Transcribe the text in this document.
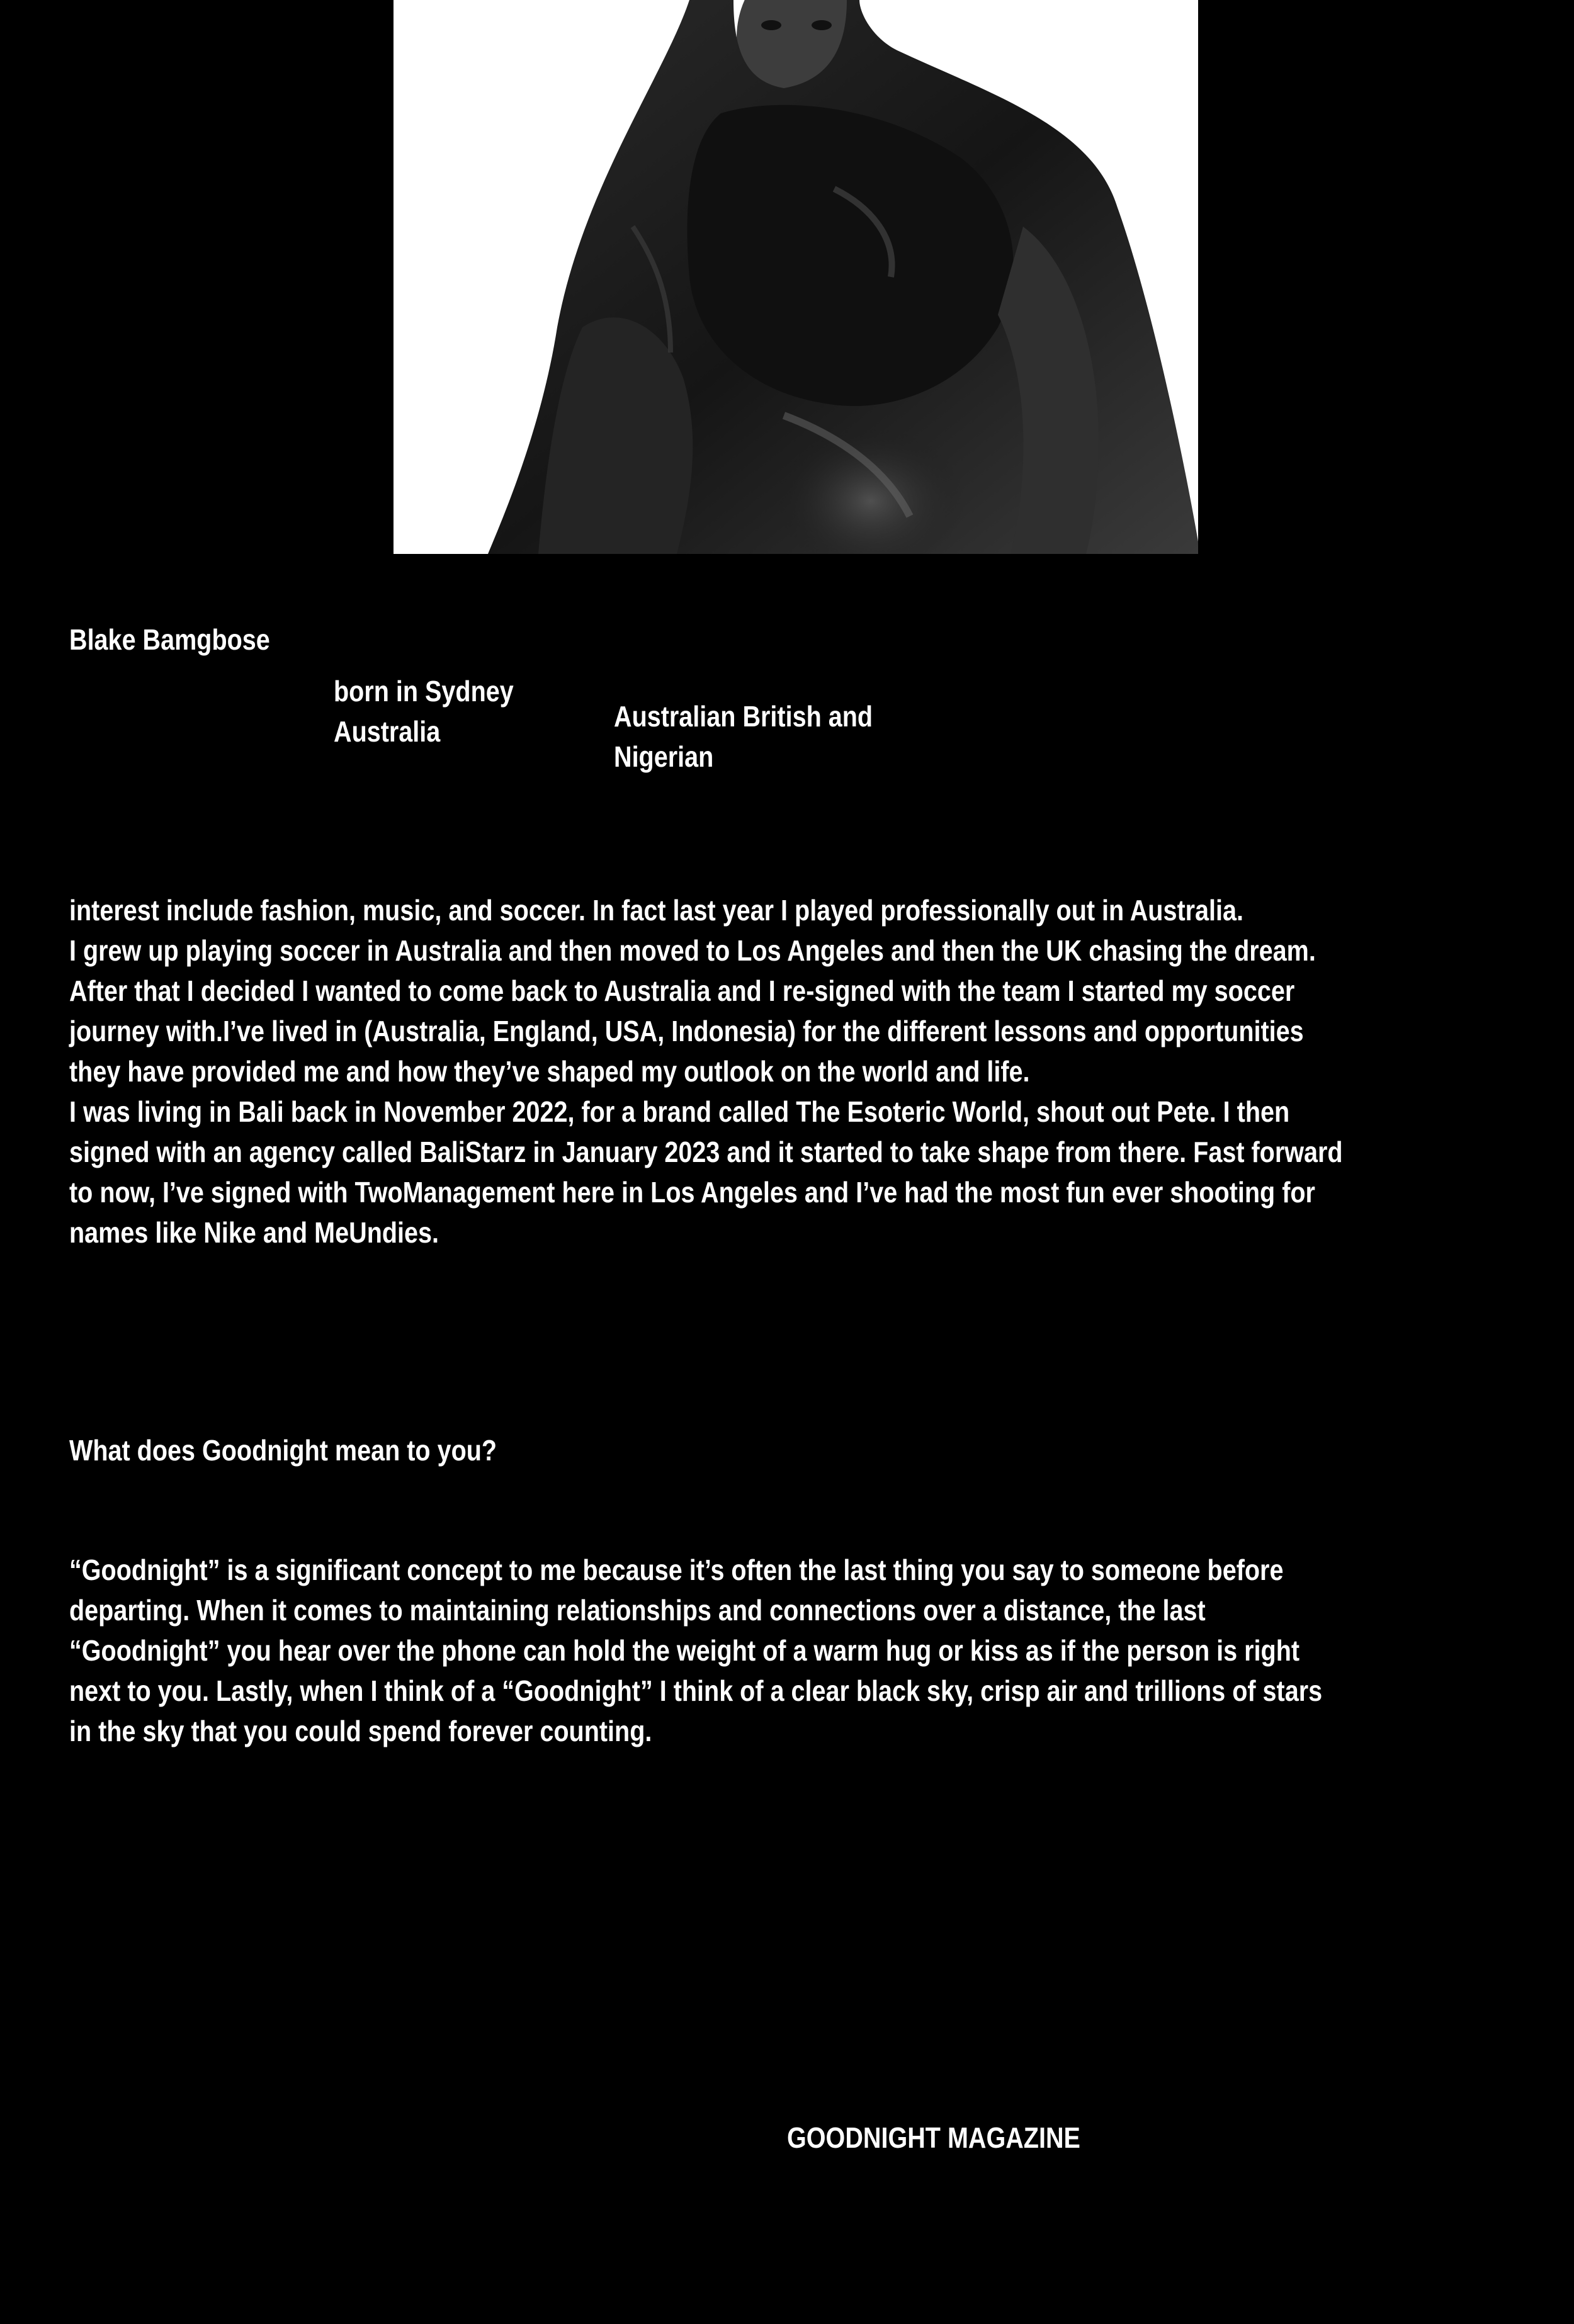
Blake Bamgbose

born in Sydney
Australia	Australian British and
Nigerian

interest include fashion, music, and soccer. In fact last year I played professionally out in Australia.
I grew up playing soccer in Australia and then moved to Los Angeles and then the UK chasing the dream.
After that I decided I wanted to come back to Australia and I re-signed with the team I started my soccer
journey with.I’ve lived in (Australia, England, USA, Indonesia) for the different lessons and opportunities
they have provided me and how they’ve shaped my outlook on the world and life.
I was living in Bali back in November 2022, for a brand called The Esoteric World, shout out Pete. I then
signed with an agency called BaliStarz in January 2023 and it started to take shape from there. Fast forward
to now, I’ve signed with TwoManagement here in Los Angeles and I’ve had the most fun ever shooting for
names like Nike and MeUndies.

What does Goodnight mean to you?

“Goodnight” is a significant concept to me because it’s often the last thing you say to someone before
departing. When it comes to maintaining relationships and connections over a distance, the last
“Goodnight” you hear over the phone can hold the weight of a warm hug or kiss as if the person is right
next to you. Lastly, when I think of a “Goodnight” I think of a clear black sky, crisp air and trillions of stars
in the sky that you could spend forever counting.

GOODNIGHT MAGAZINE
